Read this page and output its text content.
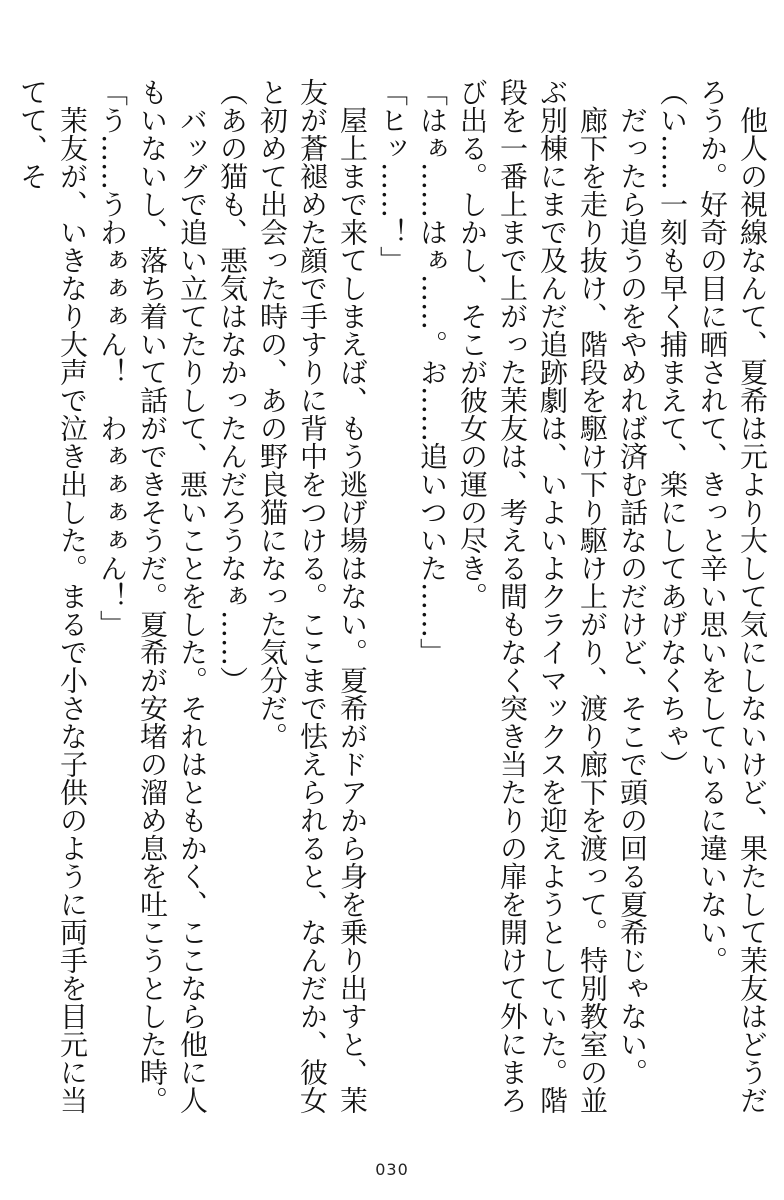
　他人の視線なんて、夏希は元より大して気にしないけど、果たして茉友はどうだろうか。好奇の目に晒されて、きっと辛い思いをしているに違いない。
（い……一刻も早く捕まえて、楽にしてあげなくちゃ）
　だったら追うのをやめれば済む話なのだけど、そこで頭の回る夏希じゃない。
　廊下を走り抜け、階段を駆け下り駆け上がり、渡り廊下を渡って。特別教室の並ぶ別棟にまで及んだ追跡劇は、いよいよクライマックスを迎えようとしていた。階段を一番上まで上がった茉友は、考える間もなく突き当たりの扉を開けて外にまろび出る。しかし、そこが彼女の運の尽き。
「はぁ……はぁ……。お……追いついた……」
「ヒッ……！」
　屋上まで来てしまえば、もう逃げ場はない。夏希がドアから身を乗り出すと、茉友が蒼褪めた顔で手すりに背中をつける。ここまで怯えられると、なんだか、彼女と初めて出会った時の、あの野良猫になった気分だ。
（あの猫も、悪気はなかったんだろうなぁ……）
　バッグで追い立てたりして、悪いことをした。それはともかく、ここなら他に人もいないし、落ち着いて話ができそうだ。夏希が安堵の溜め息を吐こうとした時。
「う……うわぁぁぁん！　わぁぁぁぁん！」
　茉友が、いきなり大声で泣き出した。まるで小さな子供のように両手を目元に当てて、そ
030
